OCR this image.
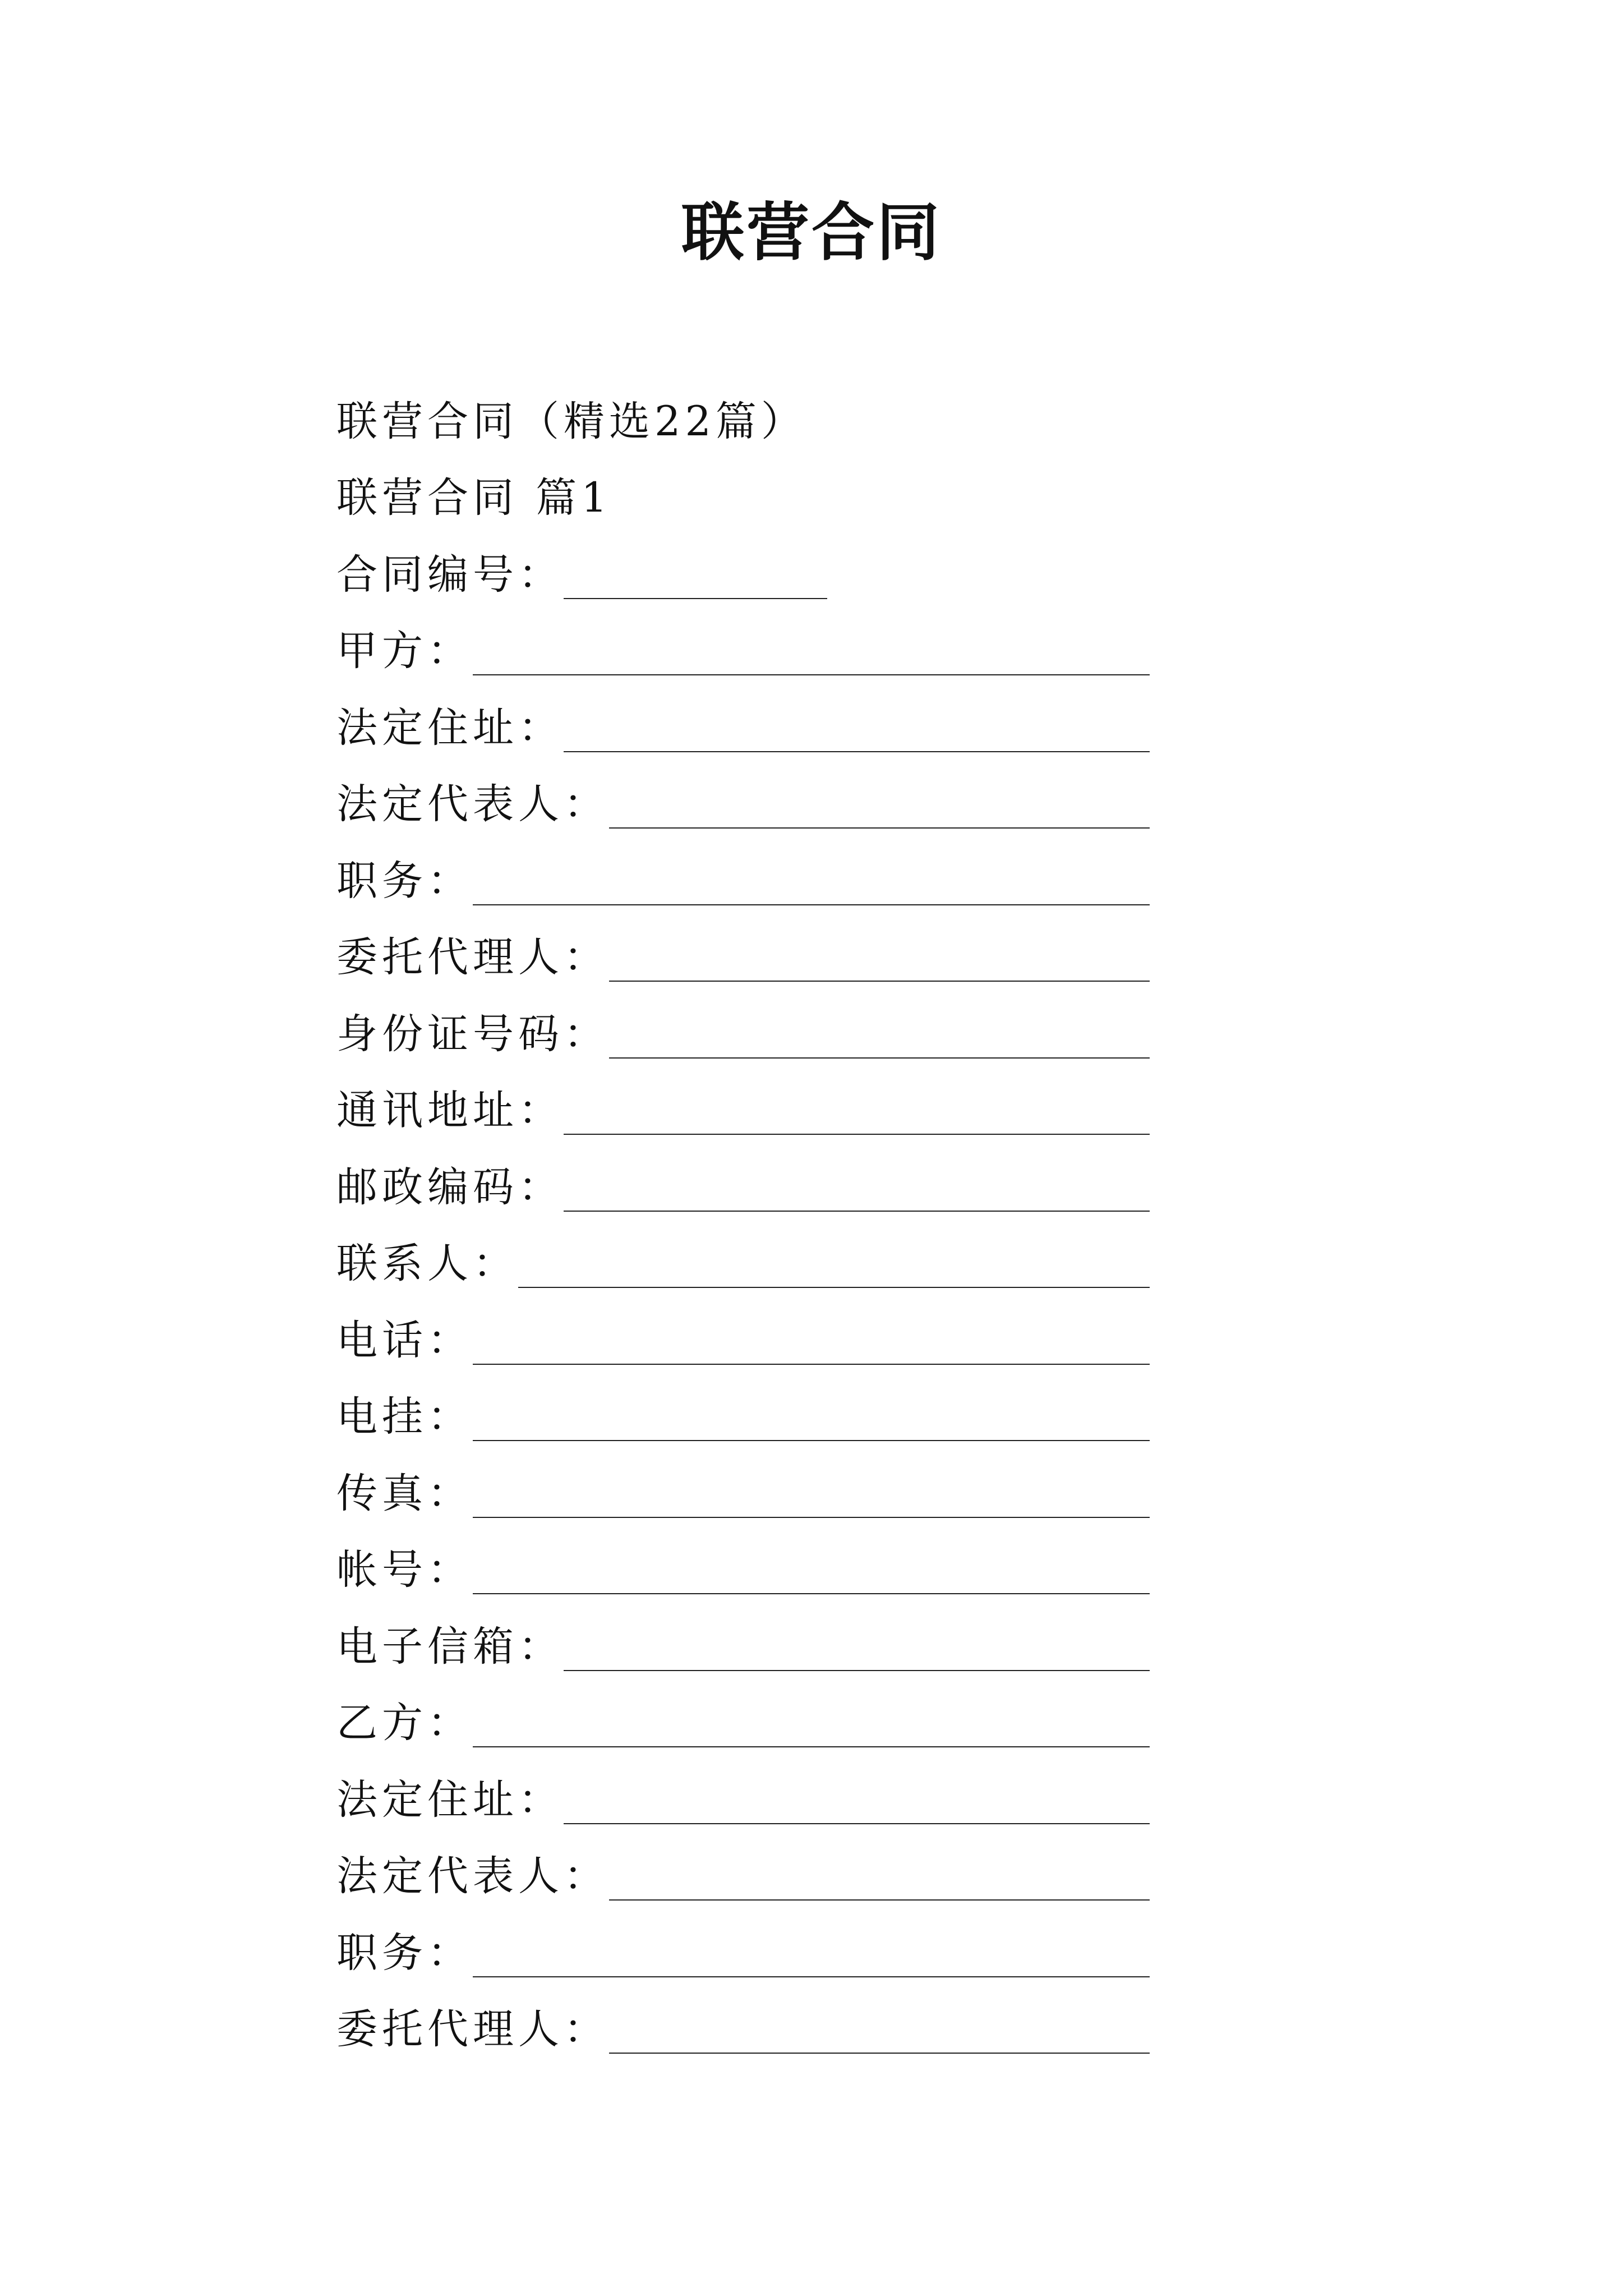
联营合同
联营合同（精选22篇）
联营合同 篇1
合同编号：
甲方：
法定住址：
法定代表人：
职务：
委托代理人：
身份证号码：
通讯地址：
邮政编码：
联系人：
电话：
电挂：
传真：
帐号：
电子信箱：
乙方：
法定住址：
法定代表人：
职务：
委托代理人：
